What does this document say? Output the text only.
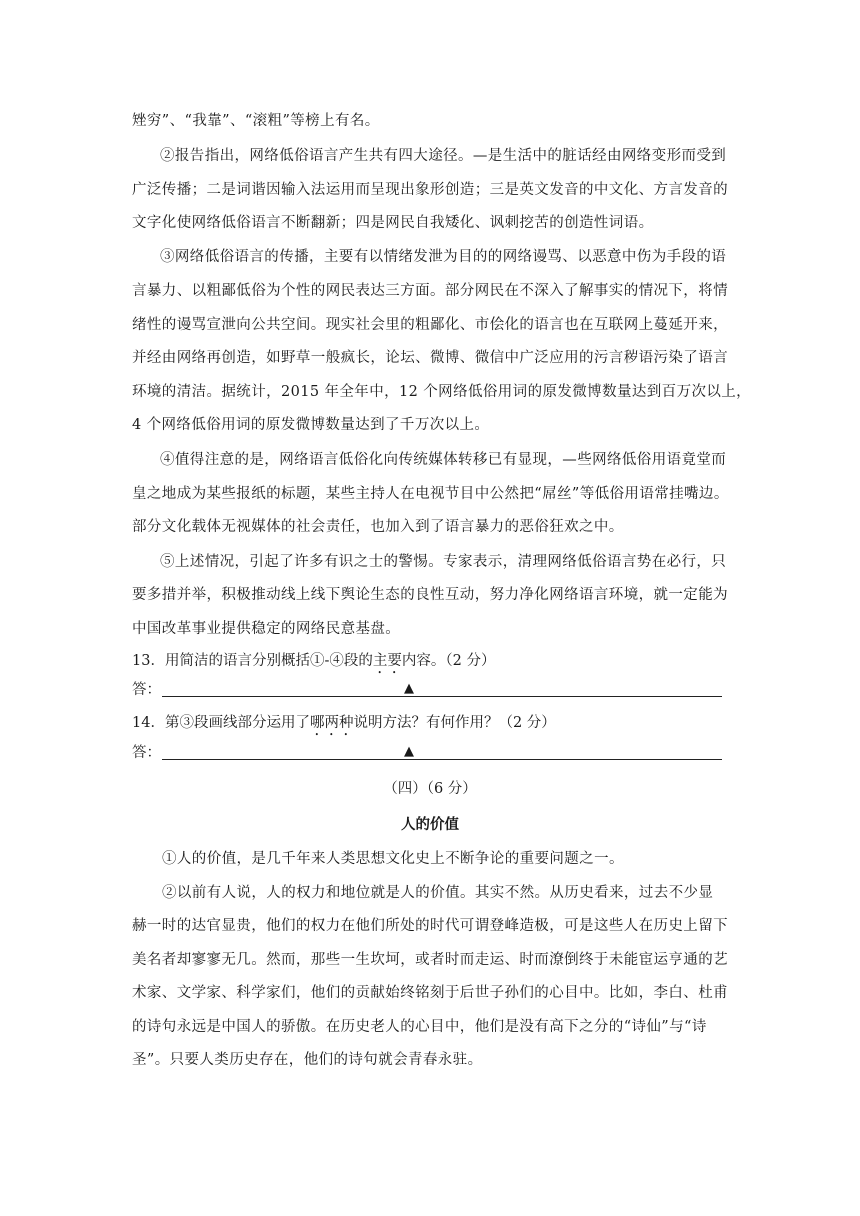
矬穷”、“我靠”、“滚粗”等榜上有名。
②报告指出，网络低俗语言产生共有四大途径。—是生活中的脏话经由网络变形而受到
广泛传播；二是词谐因输入法运用而呈现出象形创造；三是英文发音的中文化、方言发音的
文字化使网络低俗语言不断翻新；四是网民自我矮化、讽刺挖苦的创造性词语。
③网络低俗语言的传播，主要有以情绪发泄为目的的网络谩骂、以恶意中伤为手段的语
言暴力、以粗鄙低俗为个性的网民表达三方面。部分网民在不深入了解事实的情况下，将情
绪性的谩骂宣泄向公共空间。现实社会里的粗鄙化、市侩化的语言也在互联网上蔓延开来，
并经由网络再创造，如野草一般疯长，论坛、微博、微信中广泛应用的污言秽语污染了语言
环境的清洁。据统计，2015 年全年中，12 个网络低俗用词的原发微博数量达到百万次以上，
4 个网络低俗用词的原发微博数量达到了千万次以上。
④值得注意的是，网络语言低俗化向传统媒体转移已有显现，—些网络低俗用语竟堂而
皇之地成为某些报纸的标题，某些主持人在电视节目中公然把“屌丝”等低俗用语常挂嘴边。
部分文化载体无视媒体的社会责任，也加入到了语言暴力的恶俗狂欢之中。
⑤上述情况，引起了许多有识之士的警惕。专家表示，清理网络低俗语言势在必行，只
要多措并举，积极推动线上线下舆论生态的良性互动，努力净化网络语言环境，就一定能为
中国改革事业提供稳定的网络民意基盘。
13．用简洁的语言分别概括①-④段的主要内容。（2 分）
答：	▲
14．第③段画线部分运用了哪两种说明方法？有何作用？（2 分）
答：	▲
（四）（6 分）
人的价值
①人的价值，是几千年来人类思想文化史上不断争论的重要问题之一。
②以前有人说，人的权力和地位就是人的价值。其实不然。从历史看来，过去不少显
赫一时的达官显贵，他们的权力在他们所处的时代可谓登峰造极，可是这些人在历史上留下
美名者却寥寥无几。然而，那些一生坎坷，或者时而走运、时而潦倒终于未能宦运亨通的艺
术家、文学家、科学家们，他们的贡献始终铭刻于后世子孙们的心目中。比如，李白、杜甫
的诗句永远是中国人的骄傲。在历史老人的心目中，他们是没有高下之分的“诗仙”与“诗
圣”。只要人类历史存在，他们的诗句就会青春永驻。
